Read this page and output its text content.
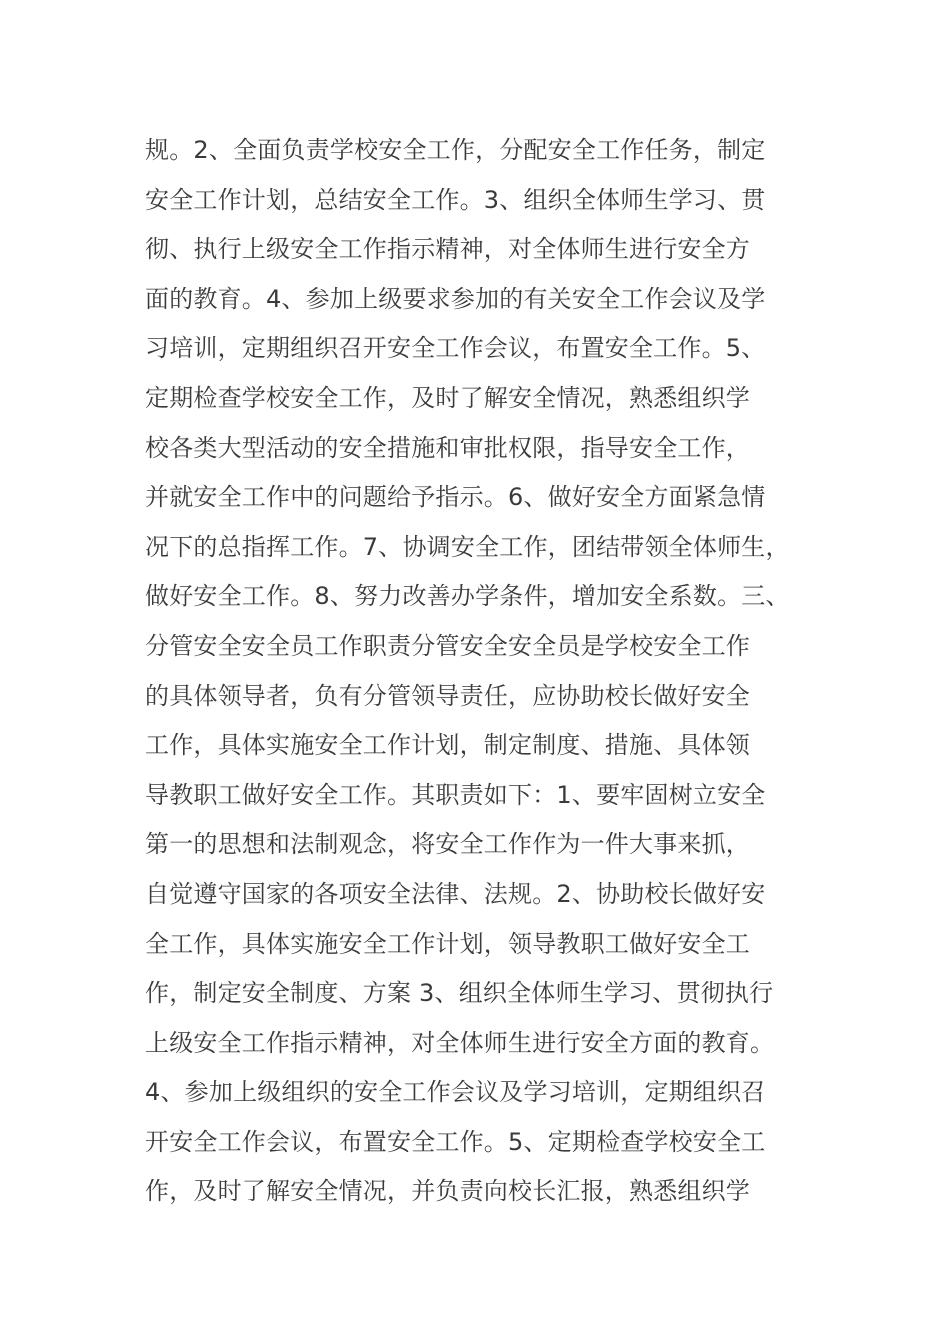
规。2、全面负责学校安全工作，分配安全工作任务，制定
安全工作计划，总结安全工作。3、组织全体师生学习、贯
彻、执行上级安全工作指示精神，对全体师生进行安全方
面的教育。4、参加上级要求参加的有关安全工作会议及学
习培训，定期组织召开安全工作会议，布置安全工作。5、
定期检查学校安全工作，及时了解安全情况，熟悉组织学
校各类大型活动的安全措施和审批权限，指导安全工作，
并就安全工作中的问题给予指示。6、做好安全方面紧急情
况下的总指挥工作。7、协调安全工作，团结带领全体师生，
做好安全工作。8、努力改善办学条件，增加安全系数。三、
分管安全安全员工作职责分管安全安全员是学校安全工作
的具体领导者，负有分管领导责任，应协助校长做好安全
工作，具体实施安全工作计划，制定制度、措施、具体领
导教职工做好安全工作。其职责如下：1、要牢固树立安全
第一的思想和法制观念，将安全工作作为一件大事来抓，
自觉遵守国家的各项安全法律、法规。2、协助校长做好安
全工作，具体实施安全工作计划，领导教职工做好安全工
作，制定安全制度、方案 3、组织全体师生学习、贯彻执行
上级安全工作指示精神，对全体师生进行安全方面的教育。
4、参加上级组织的安全工作会议及学习培训，定期组织召
开安全工作会议，布置安全工作。5、定期检查学校安全工
作，及时了解安全情况，并负责向校长汇报，熟悉组织学
